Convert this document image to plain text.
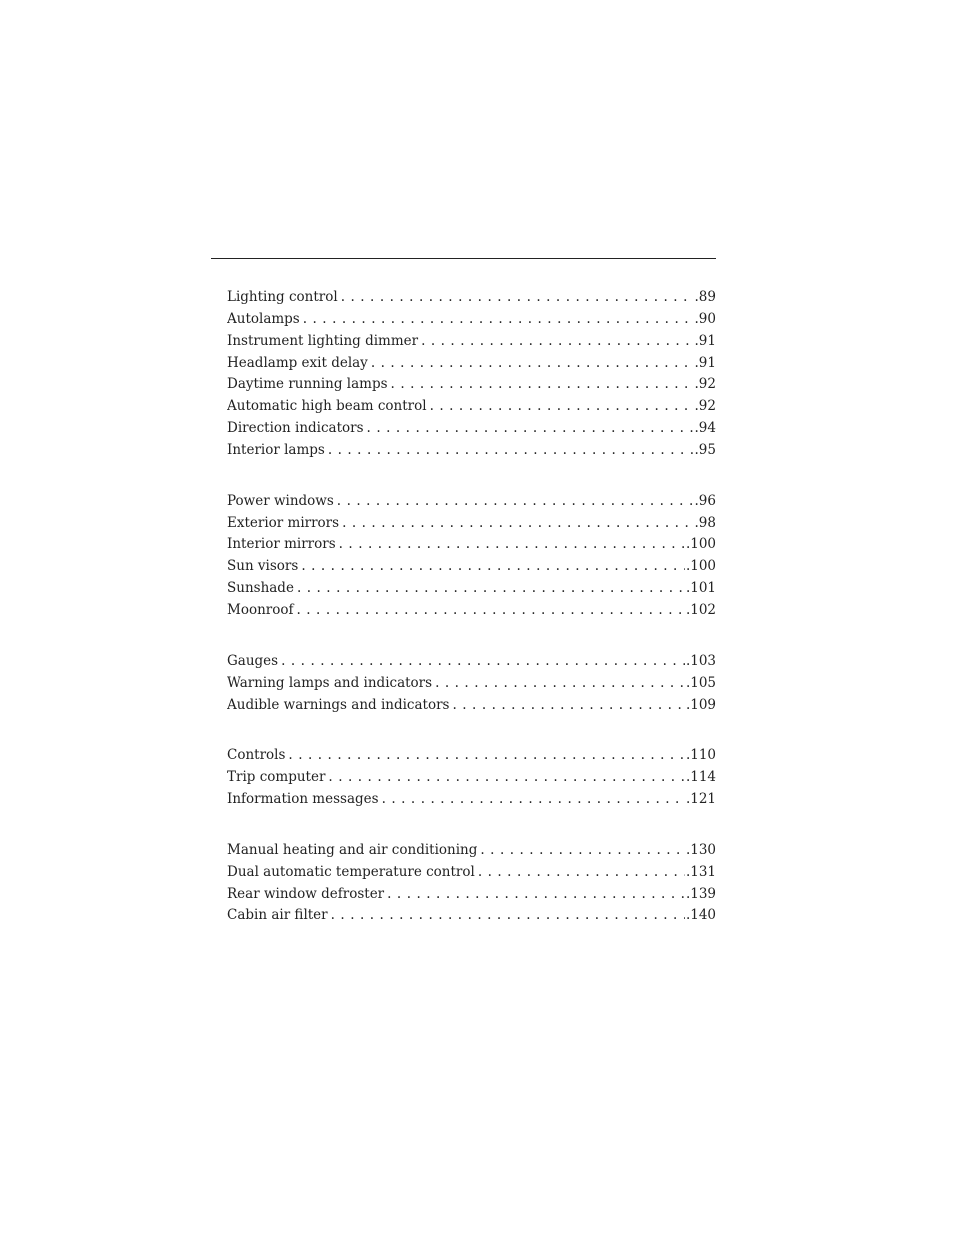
Lighting control . . .	.89
Autolamps . . .	.90
Instrument lighting dimmer . . .	.91
Headlamp exit delay . . .	.91
Daytime running lamps . . .	.92
Automatic high beam control . . .	.92
Direction indicators . . .	.94
Interior lamps . . .	.95
Power windows . . .	.96
Exterior mirrors . . .	.98
Interior mirrors . . .	.100
Sun visors . . .	.100
Sunshade . . .	.101
Moonroof . . .	.102
Gauges . . .	.103
Warning lamps and indicators . . .	.105
Audible warnings and indicators . . .	.109
Controls . . .	.110
Trip computer . . .	.114
Information messages . . .	.121
Manual heating and air conditioning . . .	.130
Dual automatic temperature control . . .	.131
Rear window defroster . . .	.139
Cabin air filter . . .	.140
